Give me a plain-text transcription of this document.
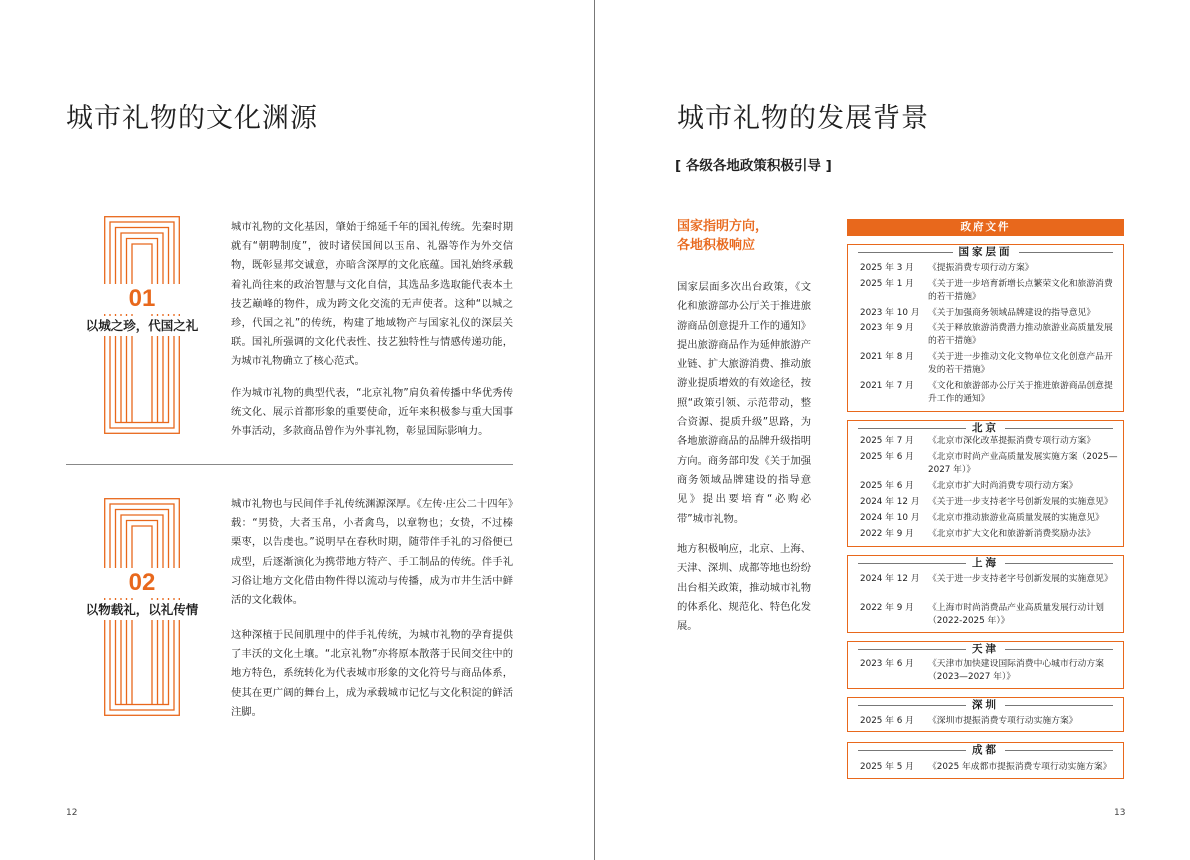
城市礼物的文化渊源
01
以城之珍，代国之礼
城市礼物的文化基因，肇始于绵延千年的国礼传统。先秦时期就有“朝聘制度”，彼时诸侯国间以玉帛、礼器等作为外交信物，既彰显邦交诚意，亦暗含深厚的文化底蕴。国礼始终承载着礼尚往来的政治智慧与文化自信，其选品多选取能代表本土技艺巅峰的物件，成为跨文化交流的无声使者。这种“以城之珍，代国之礼”的传统，构建了地域物产与国家礼仪的深层关联。国礼所强调的文化代表性、技艺独特性与情感传递功能，为城市礼物确立了核心范式。
作为城市礼物的典型代表，“北京礼物”肩负着传播中华优秀传统文化、展示首都形象的重要使命，近年来积极参与重大国事外事活动，多款商品曾作为外事礼物，彰显国际影响力。
02
以物载礼，以礼传情
城市礼物也与民间伴手礼传统渊源深厚。《左传·庄公二十四年》载：“男贽，大者玉帛，小者禽鸟，以章物也；女贽，不过榛栗枣，以告虔也。”说明早在春秋时期，随带伴手礼的习俗便已成型，后逐渐演化为携带地方特产、手工制品的传统。伴手礼习俗让地方文化借由物件得以流动与传播，成为市井生活中鲜活的文化载体。
这种深植于民间肌理中的伴手礼传统，为城市礼物的孕育提供了丰沃的文化土壤。“北京礼物”亦将原本散落于民间交往中的地方特色，系统转化为代表城市形象的文化符号与商品体系，使其在更广阔的舞台上，成为承载城市记忆与文化积淀的鲜活注脚。
12
城市礼物的发展背景
[ 各级各地政策积极引导 ]
国家指明方向，
各地积极响应
国家层面多次出台政策，《文化和旅游部办公厅关于推进旅游商品创意提升工作的通知》提出旅游商品作为延伸旅游产业链、扩大旅游消费、推动旅游业提质增效的有效途径，按照“政策引领、示范带动，整合资源、提质升级”思路，为各地旅游商品的品牌升级指明方向。商务部印发《关于加强商务领域品牌建设的指导意见》提出要培育“必购必带”城市礼物。
地方积极响应，北京、上海、天津、深圳、成都等地也纷纷出台相关政策，推动城市礼物的体系化、规范化、特色化发展。
政府文件
国家层面
2025 年 3 月	《提振消费专项行动方案》
2025 年 1 月	《关于进一步培育新增长点繁荣文化和旅游消费的若干措施》
2023 年 10 月 《关于加强商务领域品牌建设的指导意见》
2023 年 9 月	《关于释放旅游消费潜力推动旅游业高质量发展的若干措施》
2021 年 8 月	《关于进一步推动文化文物单位文化创意产品开发的若干措施》
2021 年 7 月	《文化和旅游部办公厅关于推进旅游商品创意提升工作的通知》
北京
2025 年 7 月	《北京市深化改革提振消费专项行动方案》
2025 年 6 月	《北京市时尚产业高质量发展实施方案（2025—2027 年）》
2025 年 6 月	《北京市扩大时尚消费专项行动方案》
2024 年 12 月 《关于进一步支持老字号创新发展的实施意见》
2024 年 10 月 《北京市推动旅游业高质量发展的实施意见》
2022 年 9 月	《北京市扩大文化和旅游新消费奖励办法》
上海
2024 年 12 月 《关于进一步支持老字号创新发展的实施意见》
2022 年 9 月	《上海市时尚消费品产业高质量发展行动计划（2022-2025 年）》
天津
2023 年 6 月	《天津市加快建设国际消费中心城市行动方案（2023—2027 年）》
深圳
2025 年 6 月	《深圳市提振消费专项行动实施方案》
成都
2025 年 5 月	《2025 年成都市提振消费专项行动实施方案》
13
